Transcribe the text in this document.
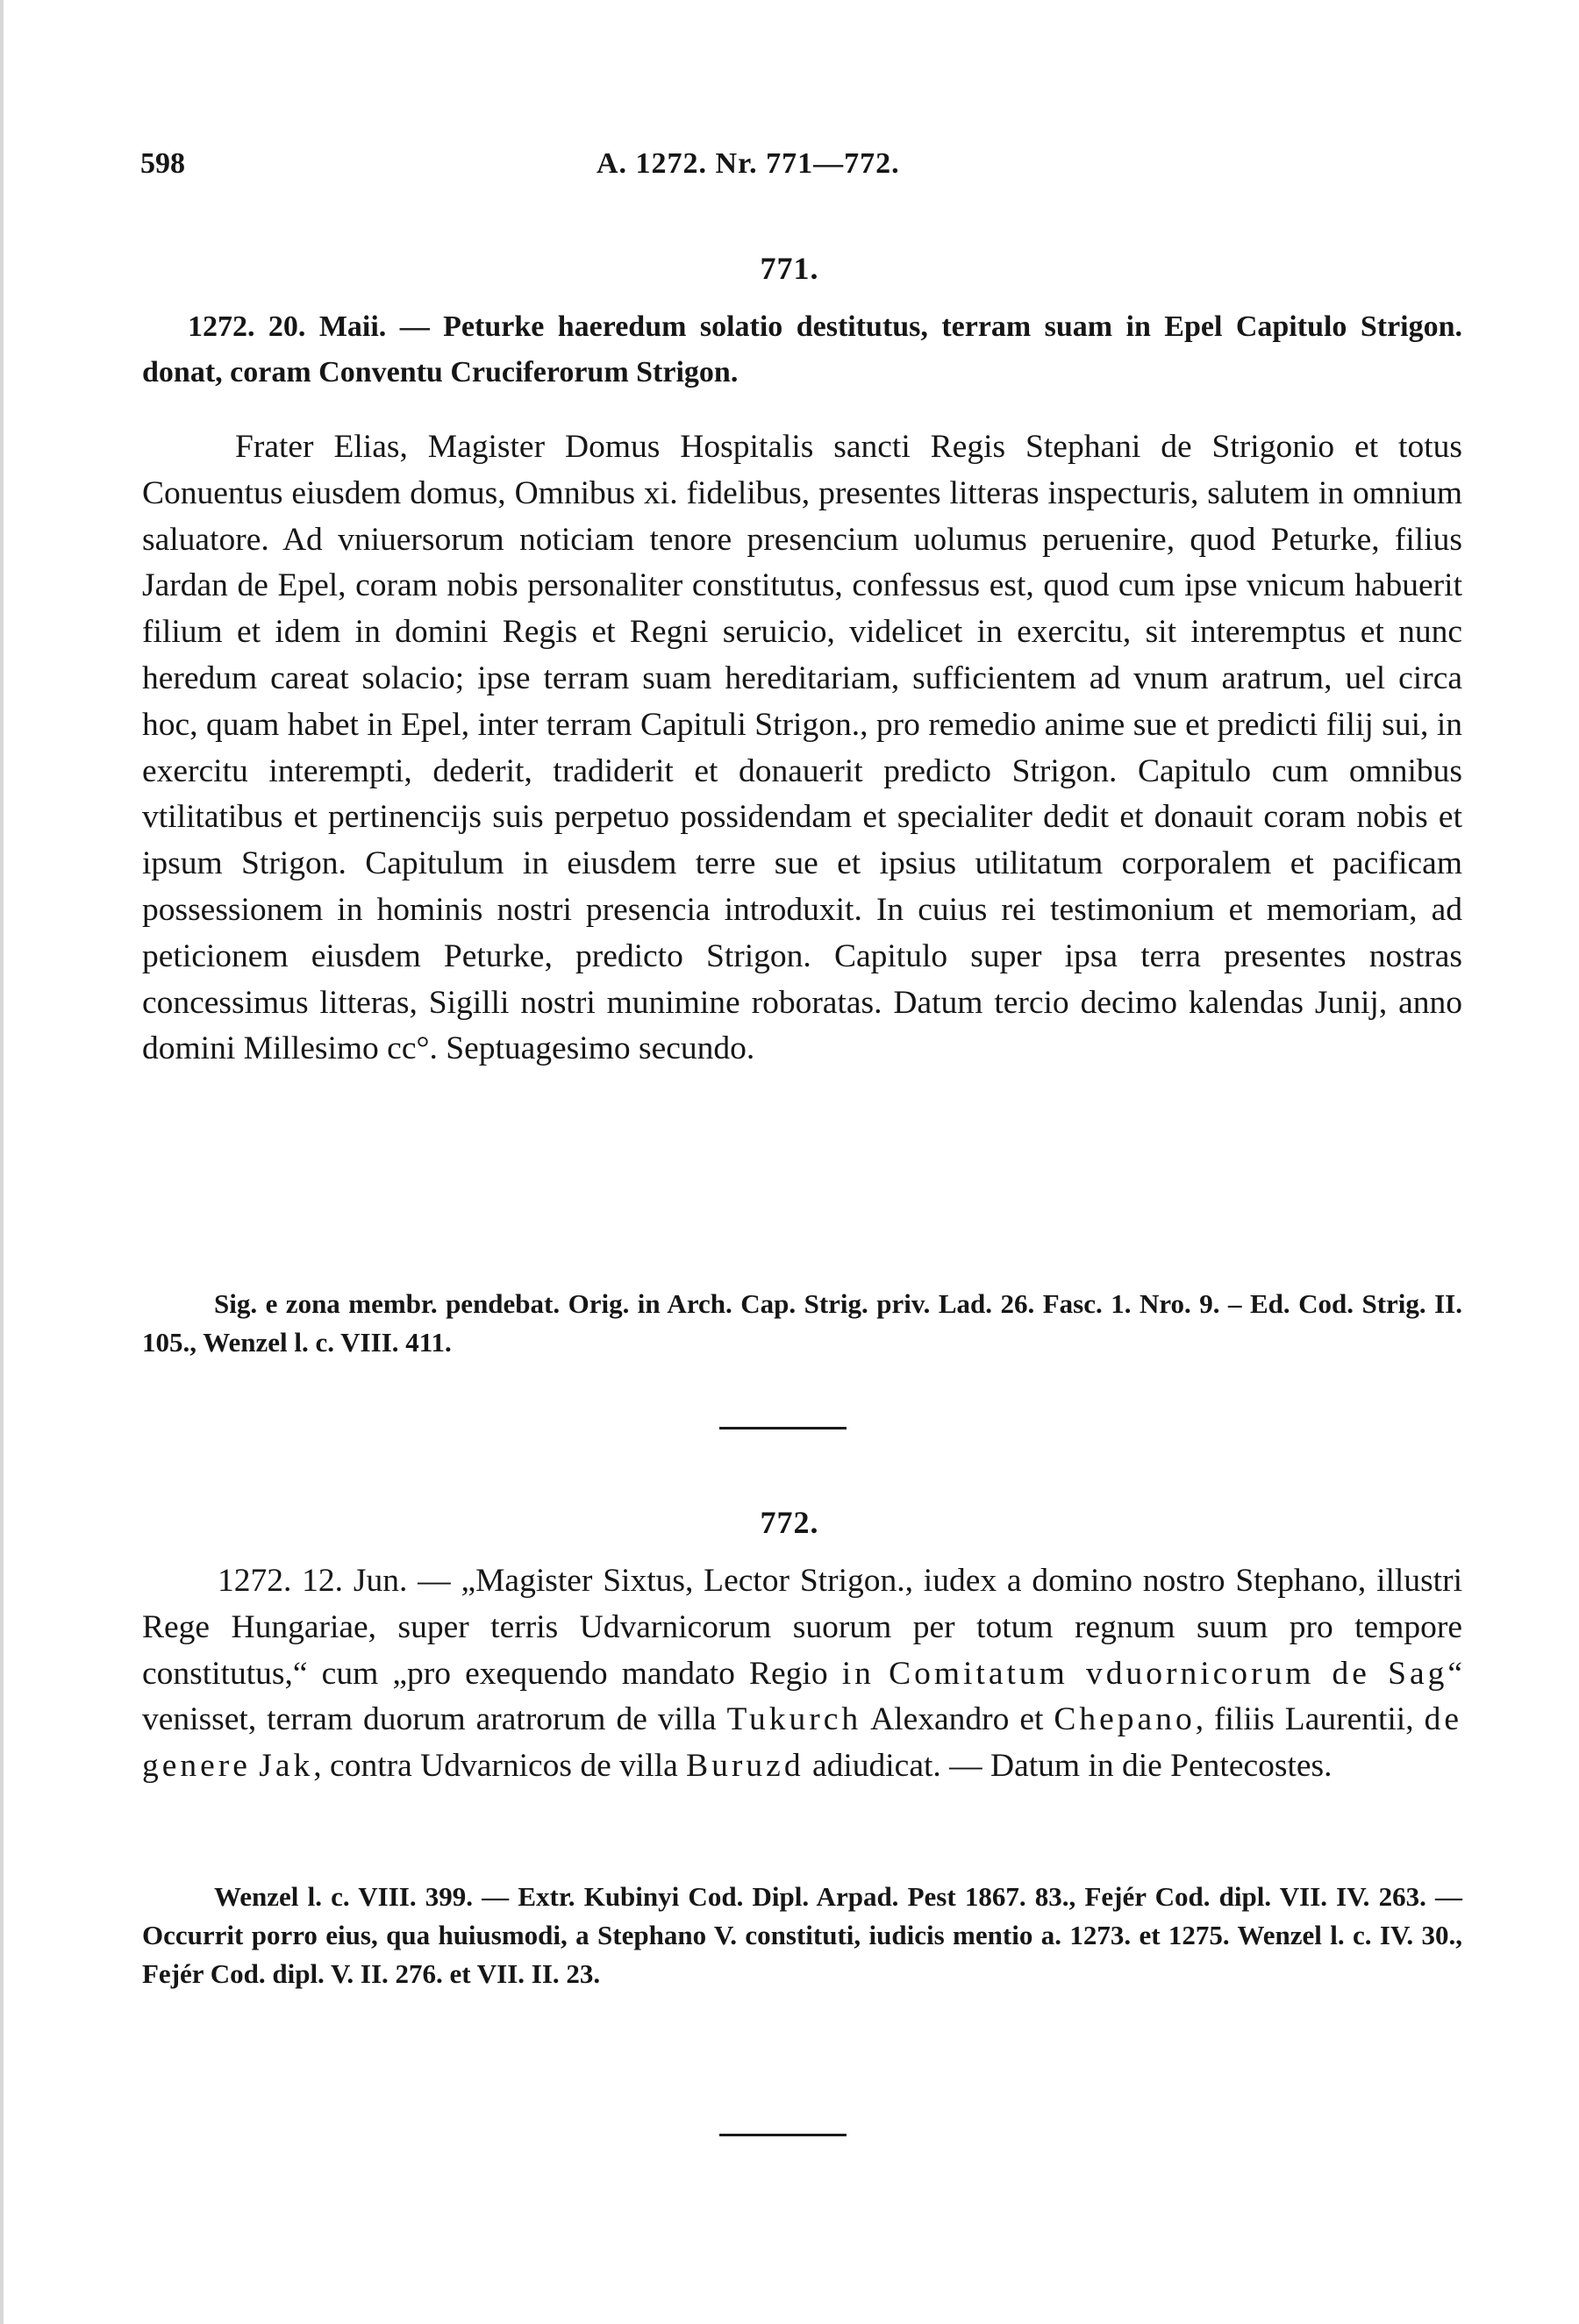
598	A. 1272. Nr. 771—772.
771.
1272. 20. Maii. — Peturke haeredum solatio destitutus, terram suam in Epel Capitulo Strigon. donat, coram Conventu Cruciferorum Strigon.

Frater Elias, Magister Domus Hospitalis sancti Regis Stephani de Strigonio et totus Conuentus eiusdem domus, Omnibus xi. fidelibus, presentes litteras inspecturis, salutem in omnium saluatore. Ad vniuersorum noticiam tenore presencium uolumus peruenire, quod Peturke, filius Jardan de Epel, coram nobis personaliter constitutus, confessus est, quod cum ipse vnicum habuerit filium et idem in domini Regis et Regni seruicio, videlicet in exercitu, sit interemptus et nunc heredum careat solacio; ipse terram suam hereditariam, sufficientem ad vnum aratrum, uel circa hoc, quam habet in Epel, inter terram Capituli Strigon., pro remedio anime sue et predicti filij sui, in exercitu interempti, dederit, tradiderit et donauerit predicto Strigon. Capitulo cum omnibus vtilitatibus et pertinencijs suis perpetuo possidendam et specialiter dedit et donauit coram nobis et ipsum Strigon. Capitulum in eiusdem terre sue et ipsius utilitatum corporalem et pacificam possessionem in hominis nostri presencia introduxit. In cuius rei testimonium et memoriam, ad peticionem eiusdem Peturke, predicto Strigon. Capitulo super ipsa terra presentes nostras concessimus litteras, Sigilli nostri munimine roboratas. Datum tercio decimo kalendas Junij, anno domini Millesimo cc°. Septuagesimo secundo.

Sig. e zona membr. pendebat. Orig. in Arch. Cap. Strig. priv. Lad. 26. Fasc. 1. Nro. 9. – Ed. Cod. Strig. II. 105., Wenzel l. c. VIII. 411.

772.

1272. 12. Jun. — „Magister Sixtus, Lector Strigon., iudex a domino nostro Stephano, illustri Rege Hungariae, super terris Udvarnicorum suorum per totum regnum suum pro tempore constitutus,“ cum „pro exequendo mandato Regio in Comitatum vduornicorum de Sag“ venisset, terram duorum aratrorum de villa Tukurch Alexandro et Chepano, filiis Laurentii, de genere Jak, contra Udvarnicos de villa Buruzd adiudicat. — Datum in die Pentecostes.

Wenzel l. c. VIII. 399. — Extr. Kubinyi Cod. Dipl. Arpad. Pest 1867. 83., Fejér Cod. dipl. VII. IV. 263. — Occurrit porro eius, qua huiusmodi, a Stephano V. constituti, iudicis mentio a. 1273. et 1275. Wenzel l. c. IV. 30., Fejér Cod. dipl. V. II. 276. et VII. II. 23.
